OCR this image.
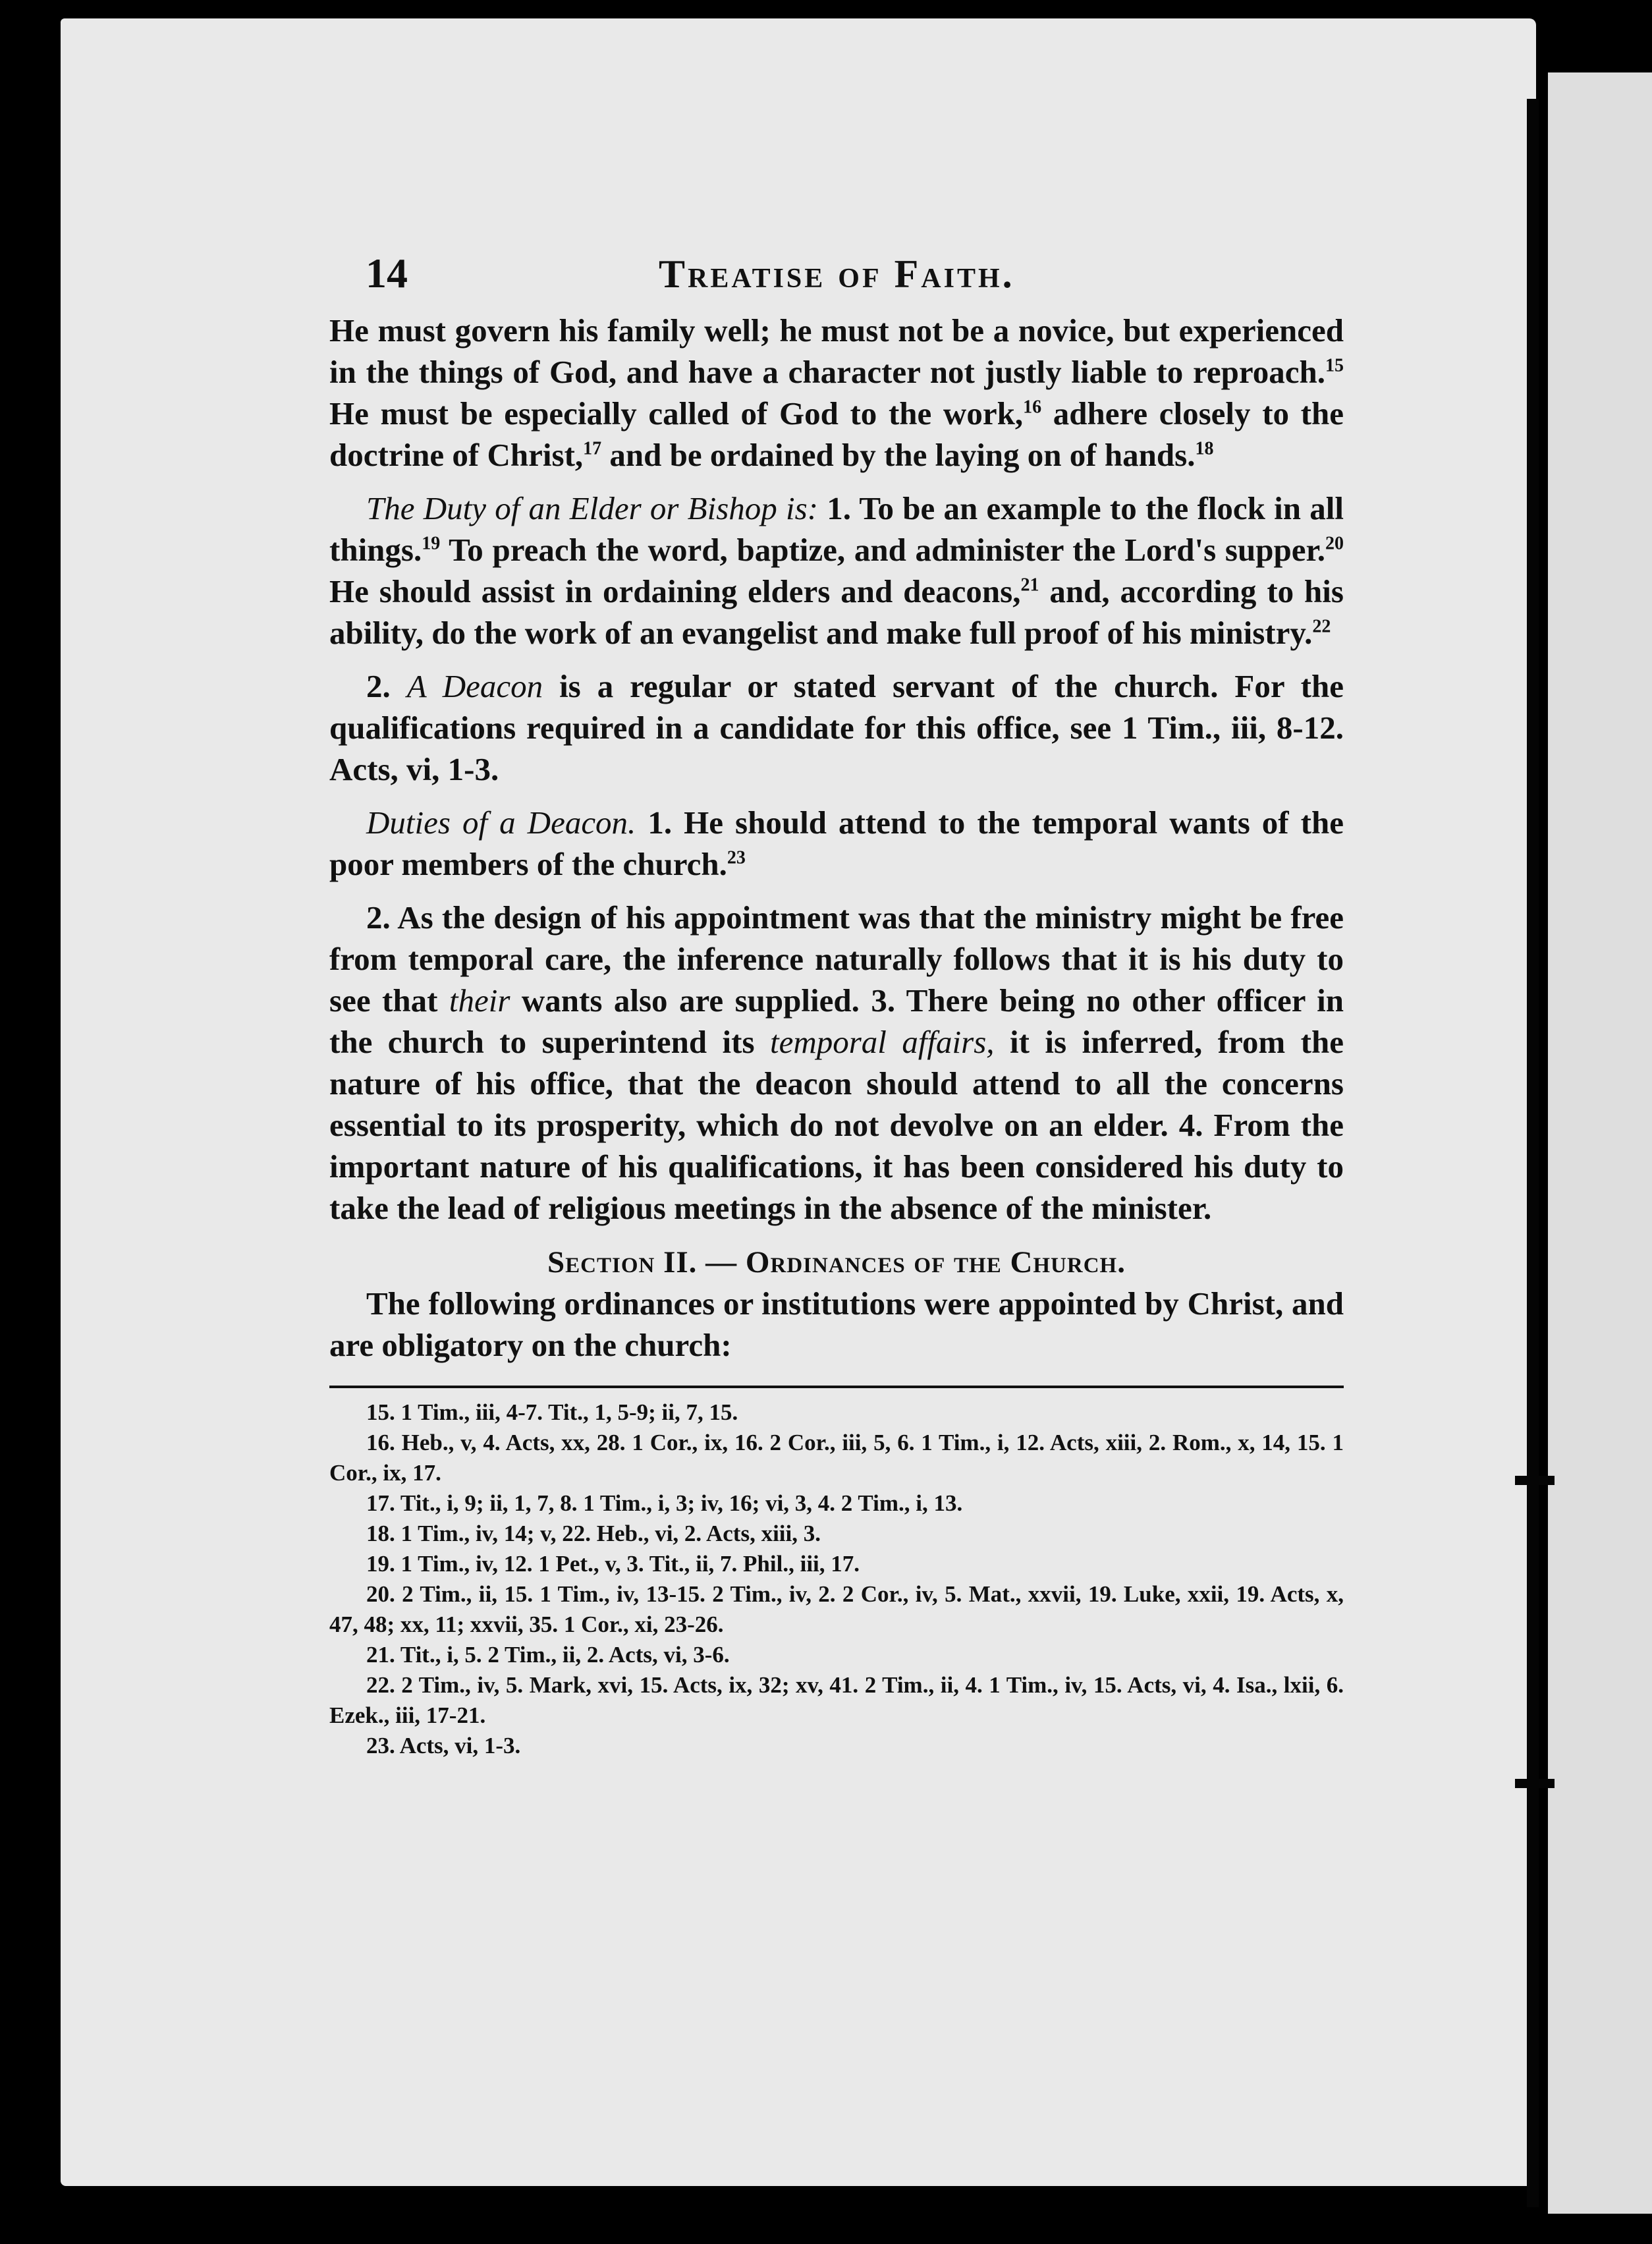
14	Treatise of Faith.

He must govern his family well; he must not be a novice, but experienced in the things of God, and have a character not justly liable to reproach.$^{15}$ He must be especially called of God to the work,$^{16}$ adhere closely to the doctrine of Christ,$^{17}$ and be ordained by the laying on of hands.$^{18}$

The Duty of an Elder or Bishop is: 1. To be an example to the flock in all things.$^{19}$ To preach the word, baptize, and administer the Lord's supper.$^{20}$ He should assist in ordaining elders and deacons,$^{21}$ and, according to his ability, do the work of an evangelist and make full proof of his ministry.$^{22}$

2. A Deacon is a regular or stated servant of the church. For the qualifications required in a candidate for this office, see 1 Tim., iii, 8-12. Acts, vi, 1-3.

Duties of a Deacon. 1. He should attend to the temporal wants of the poor members of the church.$^{23}$

2. As the design of his appointment was that the ministry might be free from temporal care, the inference naturally follows that it is his duty to see that their wants also are supplied. 3. There being no other officer in the church to superintend its temporal affairs, it is inferred, from the nature of his office, that the deacon should attend to all the concerns essential to its prosperity, which do not devolve on an elder. 4. From the important nature of his qualifications, it has been considered his duty to take the lead of religious meetings in the absence of the minister.

Section II. — Ordinances of the Church.

The following ordinances or institutions were appointed by Christ, and are obligatory on the church:

15. 1 Tim., iii, 4-7. Tit., 1, 5-9; ii, 7, 15.

16. Heb., v, 4. Acts, xx, 28. 1 Cor., ix, 16. 2 Cor., iii, 5, 6. 1 Tim., i, 12. Acts, xiii, 2. Rom., x, 14, 15. 1 Cor., ix, 17.

17. Tit., i, 9; ii, 1, 7, 8. 1 Tim., i, 3; iv, 16; vi, 3, 4. 2 Tim., i, 13.

18. 1 Tim., iv, 14; v, 22. Heb., vi, 2. Acts, xiii, 3.

19. 1 Tim., iv, 12. 1 Pet., v, 3. Tit., ii, 7. Phil., iii, 17.

20. 2 Tim., ii, 15. 1 Tim., iv, 13-15. 2 Tim., iv, 2. 2 Cor., iv, 5. Mat., xxvii, 19. Luke, xxii, 19. Acts, x, 47, 48; xx, 11; xxvii, 35. 1 Cor., xi, 23-26.

21. Tit., i, 5. 2 Tim., ii, 2. Acts, vi, 3-6.

22. 2 Tim., iv, 5. Mark, xvi, 15. Acts, ix, 32; xv, 41. 2 Tim., ii, 4. 1 Tim., iv, 15. Acts, vi, 4. Isa., lxii, 6. Ezek., iii, 17-21.

23. Acts, vi, 1-3.
